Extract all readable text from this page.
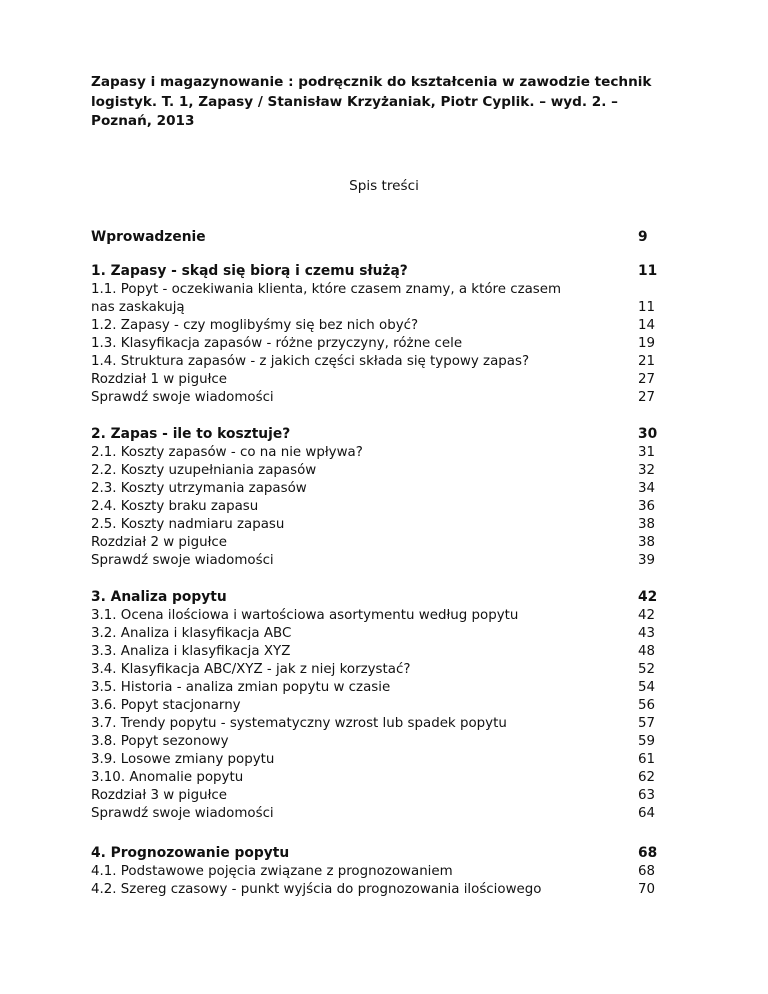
Zapasy i magazynowanie : podręcznik do kształcenia w zawodzie technik
logistyk. T. 1, Zapasy / Stanisław Krzyżaniak, Piotr Cyplik. – wyd. 2. –
Poznań, 2013
Spis treści
Wprowadzenie	9
1. Zapasy - skąd się biorą i czemu służą?	11
1.1. Popyt - oczekiwania klienta, które czasem znamy, a które czasem
nas zaskakują	11
1.2. Zapasy - czy moglibyśmy się bez nich obyć?	14
1.3. Klasyfikacja zapasów - różne przyczyny, różne cele	19
1.4. Struktura zapasów - z jakich części składa się typowy zapas?	21
Rozdział 1 w pigułce	27
Sprawdź swoje wiadomości	27
2. Zapas - ile to kosztuje?	30
2.1. Koszty zapasów - co na nie wpływa?	31
2.2. Koszty uzupełniania zapasów	32
2.3. Koszty utrzymania zapasów	34
2.4. Koszty braku zapasu	36
2.5. Koszty nadmiaru zapasu	38
Rozdział 2 w pigułce	38
Sprawdź swoje wiadomości	39
3. Analiza popytu	42
3.1. Ocena ilościowa i wartościowa asortymentu według popytu	42
3.2. Analiza i klasyfikacja ABC	43
3.3. Analiza i klasyfikacja XYZ	48
3.4. Klasyfikacja ABC/XYZ - jak z niej korzystać?	52
3.5. Historia - analiza zmian popytu w czasie	54
3.6. Popyt stacjonarny	56
3.7. Trendy popytu - systematyczny wzrost lub spadek popytu	57
3.8. Popyt sezonowy	59
3.9. Losowe zmiany popytu	61
3.10. Anomalie popytu	62
Rozdział 3 w pigułce	63
Sprawdź swoje wiadomości	64
4. Prognozowanie popytu	68
4.1. Podstawowe pojęcia związane z prognozowaniem	68
4.2. Szereg czasowy - punkt wyjścia do prognozowania ilościowego	70
